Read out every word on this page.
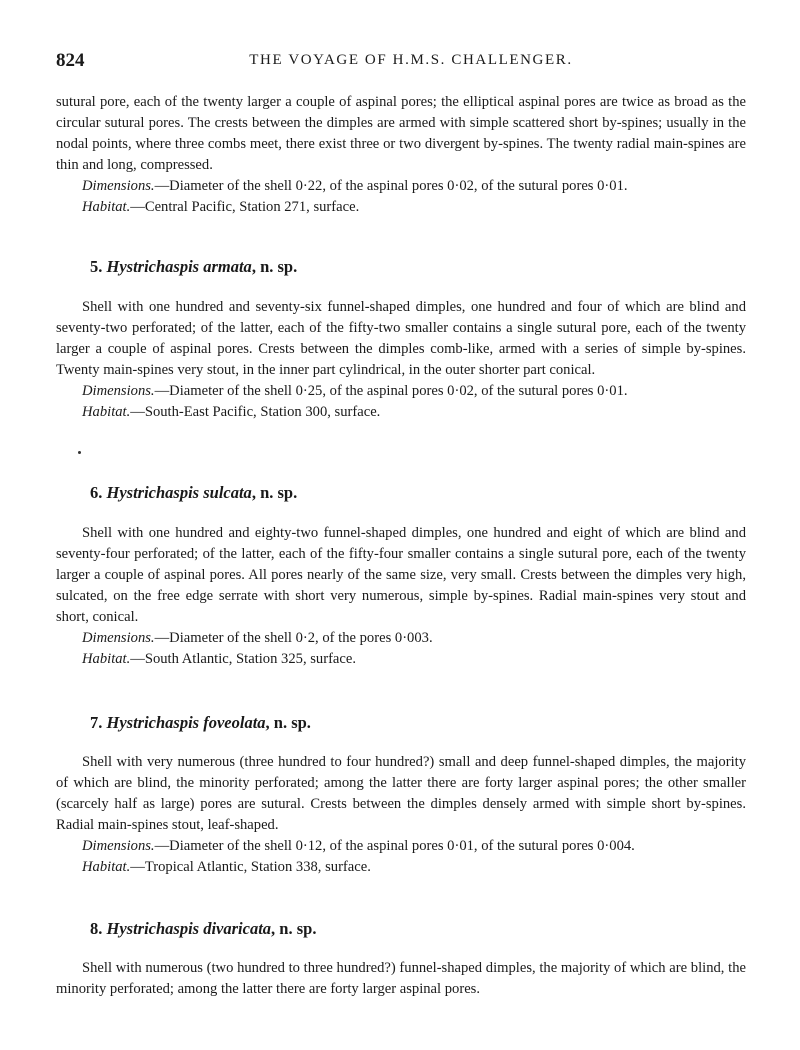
824	THE VOYAGE OF H.M.S. CHALLENGER.

sutural pore, each of the twenty larger a couple of aspinal pores; the elliptical aspinal pores are twice as broad as the circular sutural pores. The crests between the dimples are armed with simple scattered short by-spines; usually in the nodal points, where three combs meet, there exist three or two divergent by-spines. The twenty radial main-spines are thin and long, compressed.

Dimensions.—Diameter of the shell 0·22, of the aspinal pores 0·02, of the sutural pores 0·01.

Habitat.—Central Pacific, Station 271, surface.

5. Hystrichaspis armata, n. sp.

Shell with one hundred and seventy-six funnel-shaped dimples, one hundred and four of which are blind and seventy-two perforated; of the latter, each of the fifty-two smaller contains a single sutural pore, each of the twenty larger a couple of aspinal pores. Crests between the dimples comb-like, armed with a series of simple by-spines. Twenty main-spines very stout, in the inner part cylindrical, in the outer shorter part conical.

Dimensions.—Diameter of the shell 0·25, of the aspinal pores 0·02, of the sutural pores 0·01.

Habitat.—South-East Pacific, Station 300, surface.

6. Hystrichaspis sulcata, n. sp.

Shell with one hundred and eighty-two funnel-shaped dimples, one hundred and eight of which are blind and seventy-four perforated; of the latter, each of the fifty-four smaller contains a single sutural pore, each of the twenty larger a couple of aspinal pores. All pores nearly of the same size, very small. Crests between the dimples very high, sulcated, on the free edge serrate with short very numerous, simple by-spines. Radial main-spines very stout and short, conical.

Dimensions.—Diameter of the shell 0·2, of the pores 0·003.

Habitat.—South Atlantic, Station 325, surface.

7. Hystrichaspis foveolata, n. sp.

Shell with very numerous (three hundred to four hundred?) small and deep funnel-shaped dimples, the majority of which are blind, the minority perforated; among the latter there are forty larger aspinal pores; the other smaller (scarcely half as large) pores are sutural. Crests between the dimples densely armed with simple short by-spines. Radial main-spines stout, leaf-shaped.

Dimensions.—Diameter of the shell 0·12, of the aspinal pores 0·01, of the sutural pores 0·004.

Habitat.—Tropical Atlantic, Station 338, surface.

8. Hystrichaspis divaricata, n. sp.

Shell with numerous (two hundred to three hundred?) funnel-shaped dimples, the majority of which are blind, the minority perforated; among the latter there are forty larger aspinal pores.
